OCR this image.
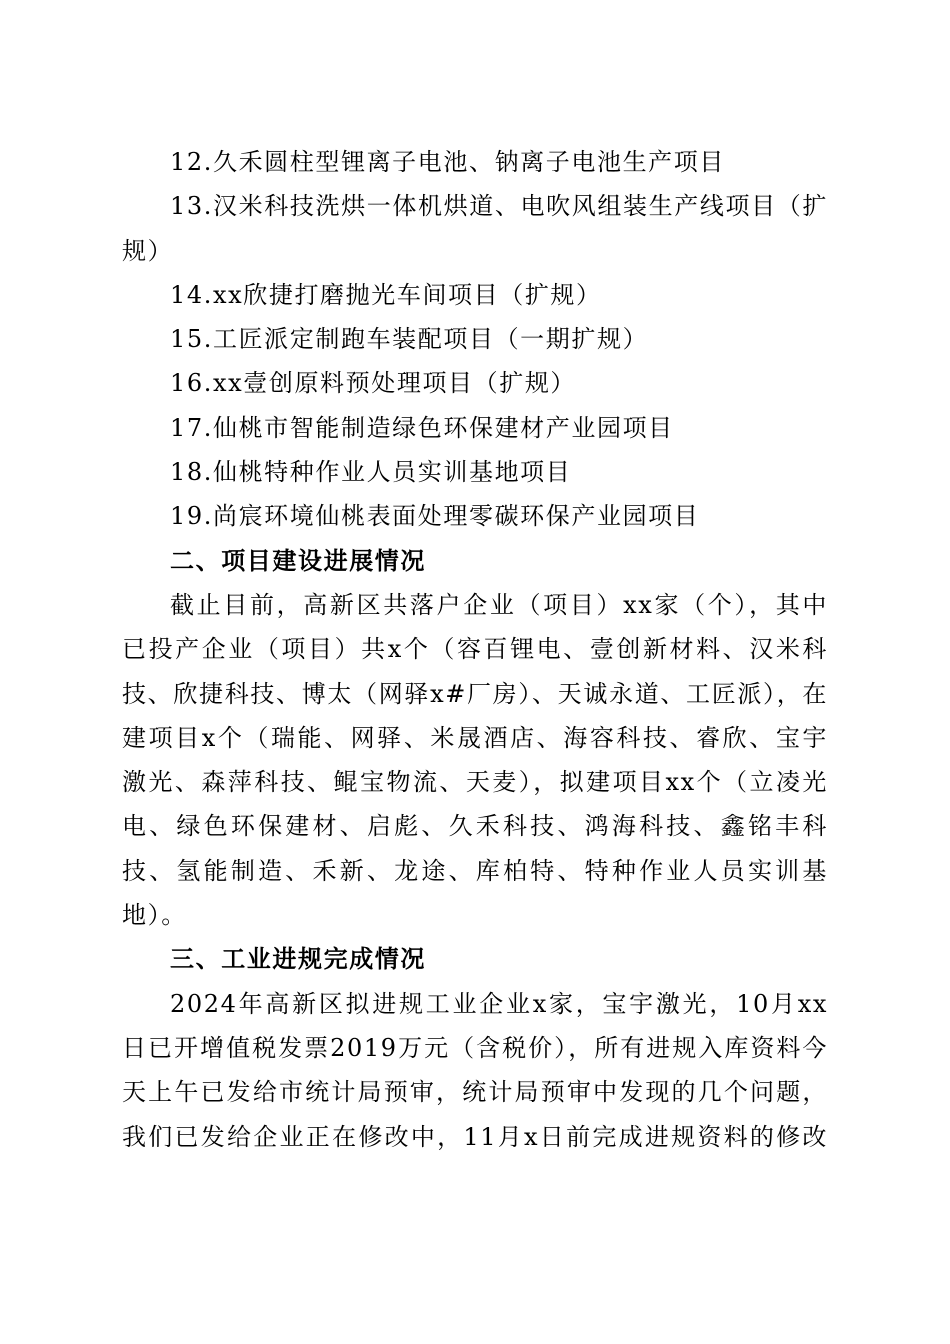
12.久禾圆柱型锂离子电池、钠离子电池生产项目
13.汉米科技洗烘一体机烘道、电吹风组装生产线项目（扩规）
14.xx欣捷打磨抛光车间项目（扩规）
15.工匠派定制跑车装配项目（一期扩规）
16.xx壹创原料预处理项目（扩规）
17.仙桃市智能制造绿色环保建材产业园项目
18.仙桃特种作业人员实训基地项目
19.尚宸环境仙桃表面处理零碳环保产业园项目
二、项目建设进展情况

截止目前，高新区共落户企业（项目）xx家（个），其中已投产企业（项目）共x个（容百锂电、壹创新材料、汉米科技、欣捷科技、博太（网驿x#厂房）、天诚永道、工匠派），在建项目x个（瑞能、网驿、米晟酒店、海容科技、睿欣、宝宇激光、森萍科技、鲲宝物流、天麦），拟建项目xx个（立凌光电、绿色环保建材、启彪、久禾科技、鸿海科技、鑫铭丰科技、氢能制造、禾新、龙途、库柏特、特种作业人员实训基地）。

三、工业进规完成情况

2024年高新区拟进规工业企业x家，宝宇激光，10月xx日已开增值税发票2019万元（含税价），所有进规入库资料今天上午已发给市统计局预审，统计局预审中发现的几个问题，我们已发给企业正在修改中，11月x日前完成进规资料的修改
